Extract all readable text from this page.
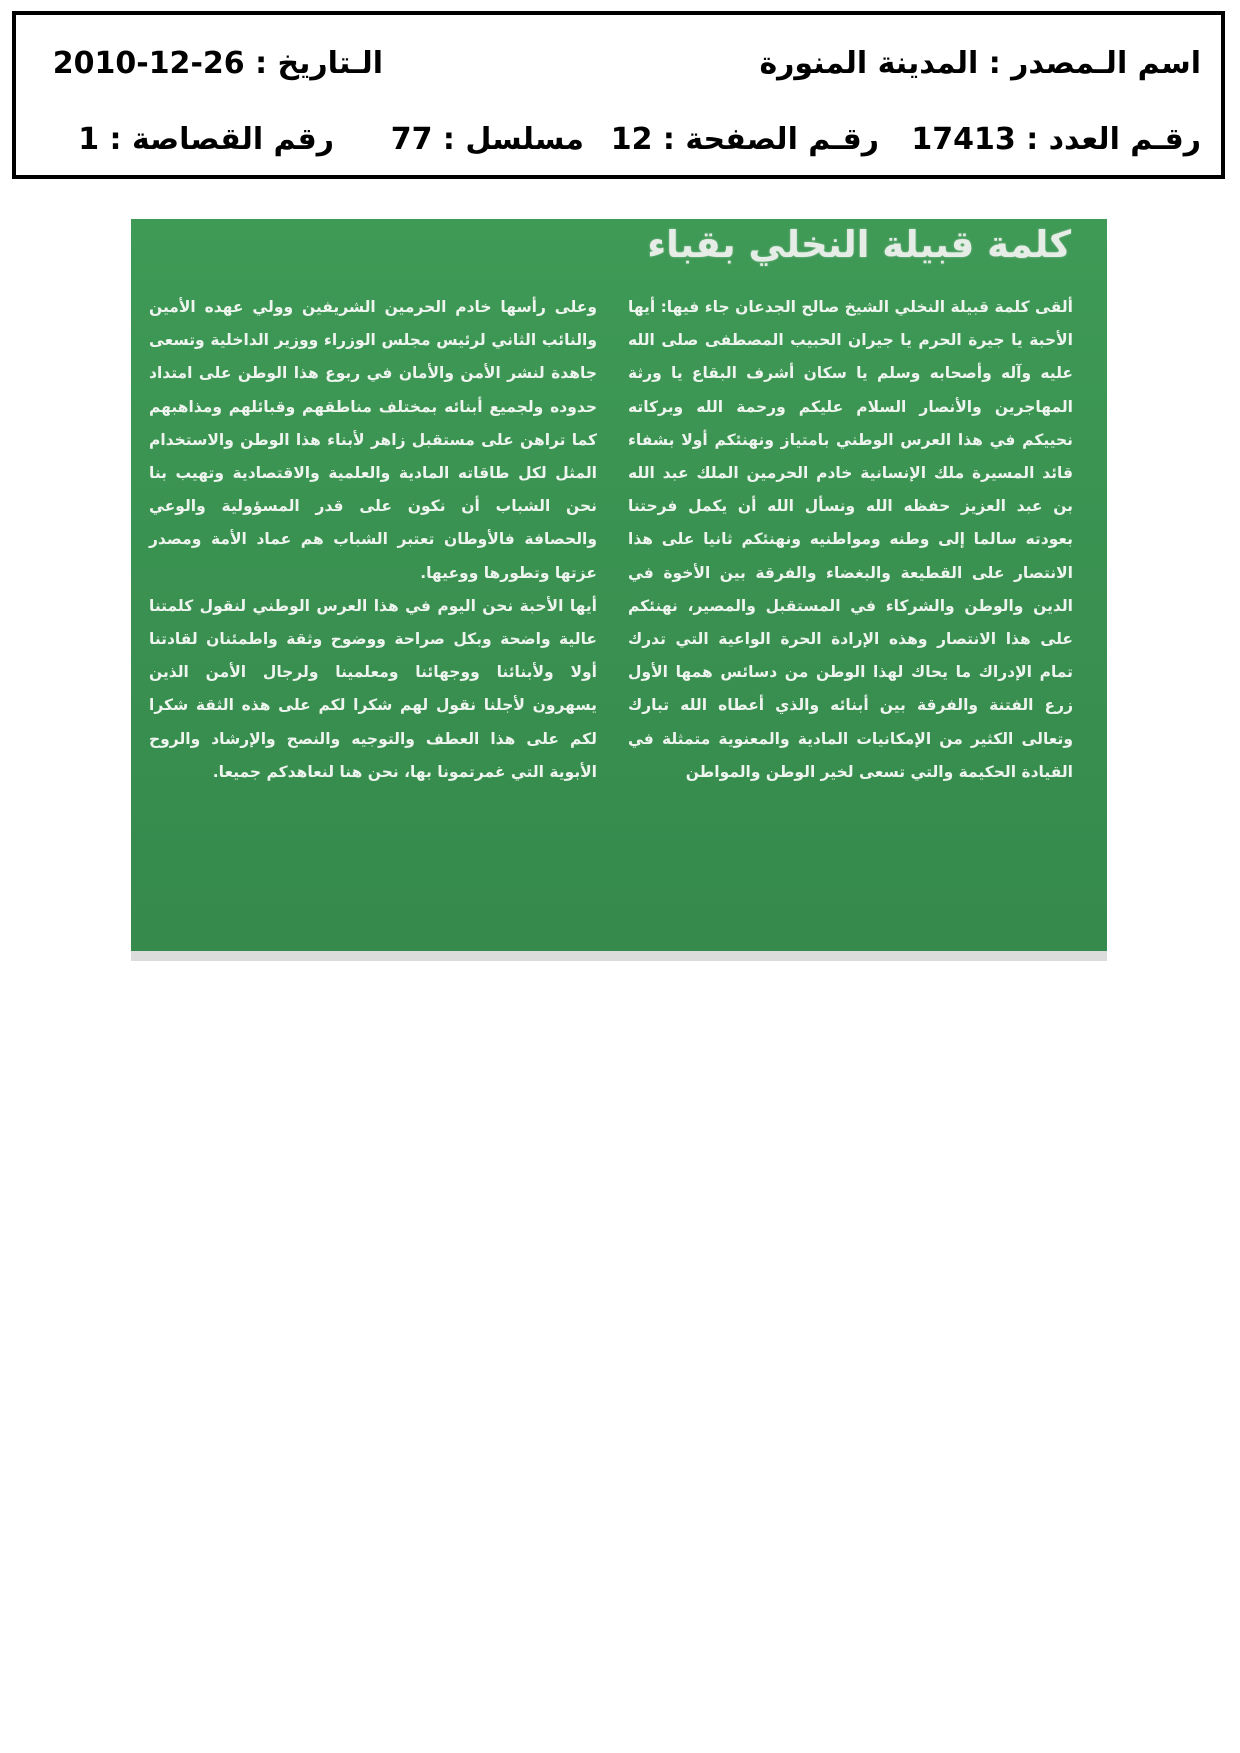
اسم الـمصدر : المدينة المنورة
الـتاريخ : 26-12-2010
رقـم العدد : 17413
رقـم الصفحة : 12
مسلسل : 77
رقم القصاصة : 1
كلمة قبيلة النخلي بقباء

ألقى كلمة قبيلة النخلي الشيخ صالح الجدعان جاء فيها: أيها الأحبة يا جيرة الحرم يا جيران الحبيب المصطفى صلى الله عليه وآله وأصحابه وسلم يا سكان أشرف البقاع يا ورثة المهاجرين والأنصار السلام عليكم ورحمة الله وبركاته نحييكم في هذا العرس الوطني بامتياز ونهنئكم أولا بشفاء قائد المسيرة ملك الإنسانية خادم الحرمين الملك عبد الله بن عبد العزيز حفظه الله ونسأل الله أن يكمل فرحتنا بعودته سالما إلى وطنه ومواطنيه ونهنئكم ثانيا على هذا الانتصار على القطيعة والبغضاء والفرقة بين الأخوة في الدين والوطن والشركاء في المستقبل والمصير، نهنئكم على هذا الانتصار وهذه الإرادة الحرة الواعية التي تدرك تمام الإدراك ما يحاك لهذا الوطن من دسائس همها الأول زرع الفتنة والفرقة بين أبنائه والذي أعطاه الله تبارك وتعالى الكثير من الإمكانيات المادية والمعنوية متمثلة في القيادة الحكيمة والتي تسعى لخير الوطن والمواطن

وعلى رأسها خادم الحرمين الشريفين وولي عهده الأمين والنائب الثاني لرئيس مجلس الوزراء ووزير الداخلية وتسعى جاهدة لنشر الأمن والأمان في ربوع هذا الوطن على امتداد حدوده ولجميع أبنائه بمختلف مناطقهم وقبائلهم ومذاهبهم كما تراهن على مستقبل زاهر لأبناء هذا الوطن والاستخدام المثل لكل طاقاته المادية والعلمية والاقتصادية وتهيب بنا نحن الشباب أن نكون على قدر المسؤولية والوعي والحصافة فالأوطان تعتبر الشباب هم عماد الأمة ومصدر عزتها وتطورها ووعيها.

أيها الأحبة نحن اليوم في هذا العرس الوطني لنقول كلمتنا عالية واضحة وبكل صراحة ووضوح وثقة واطمئنان لقادتنا أولا ولأبنائنا ووجهائنا ومعلمينا ولرجال الأمن الذين يسهرون لأجلنا نقول لهم شكرا لكم على هذه الثقة شكرا لكم على هذا العطف والتوجيه والنصح والإرشاد والروح الأبوية التي غمرتمونا بها، نحن هنا لنعاهدكم جميعا.
